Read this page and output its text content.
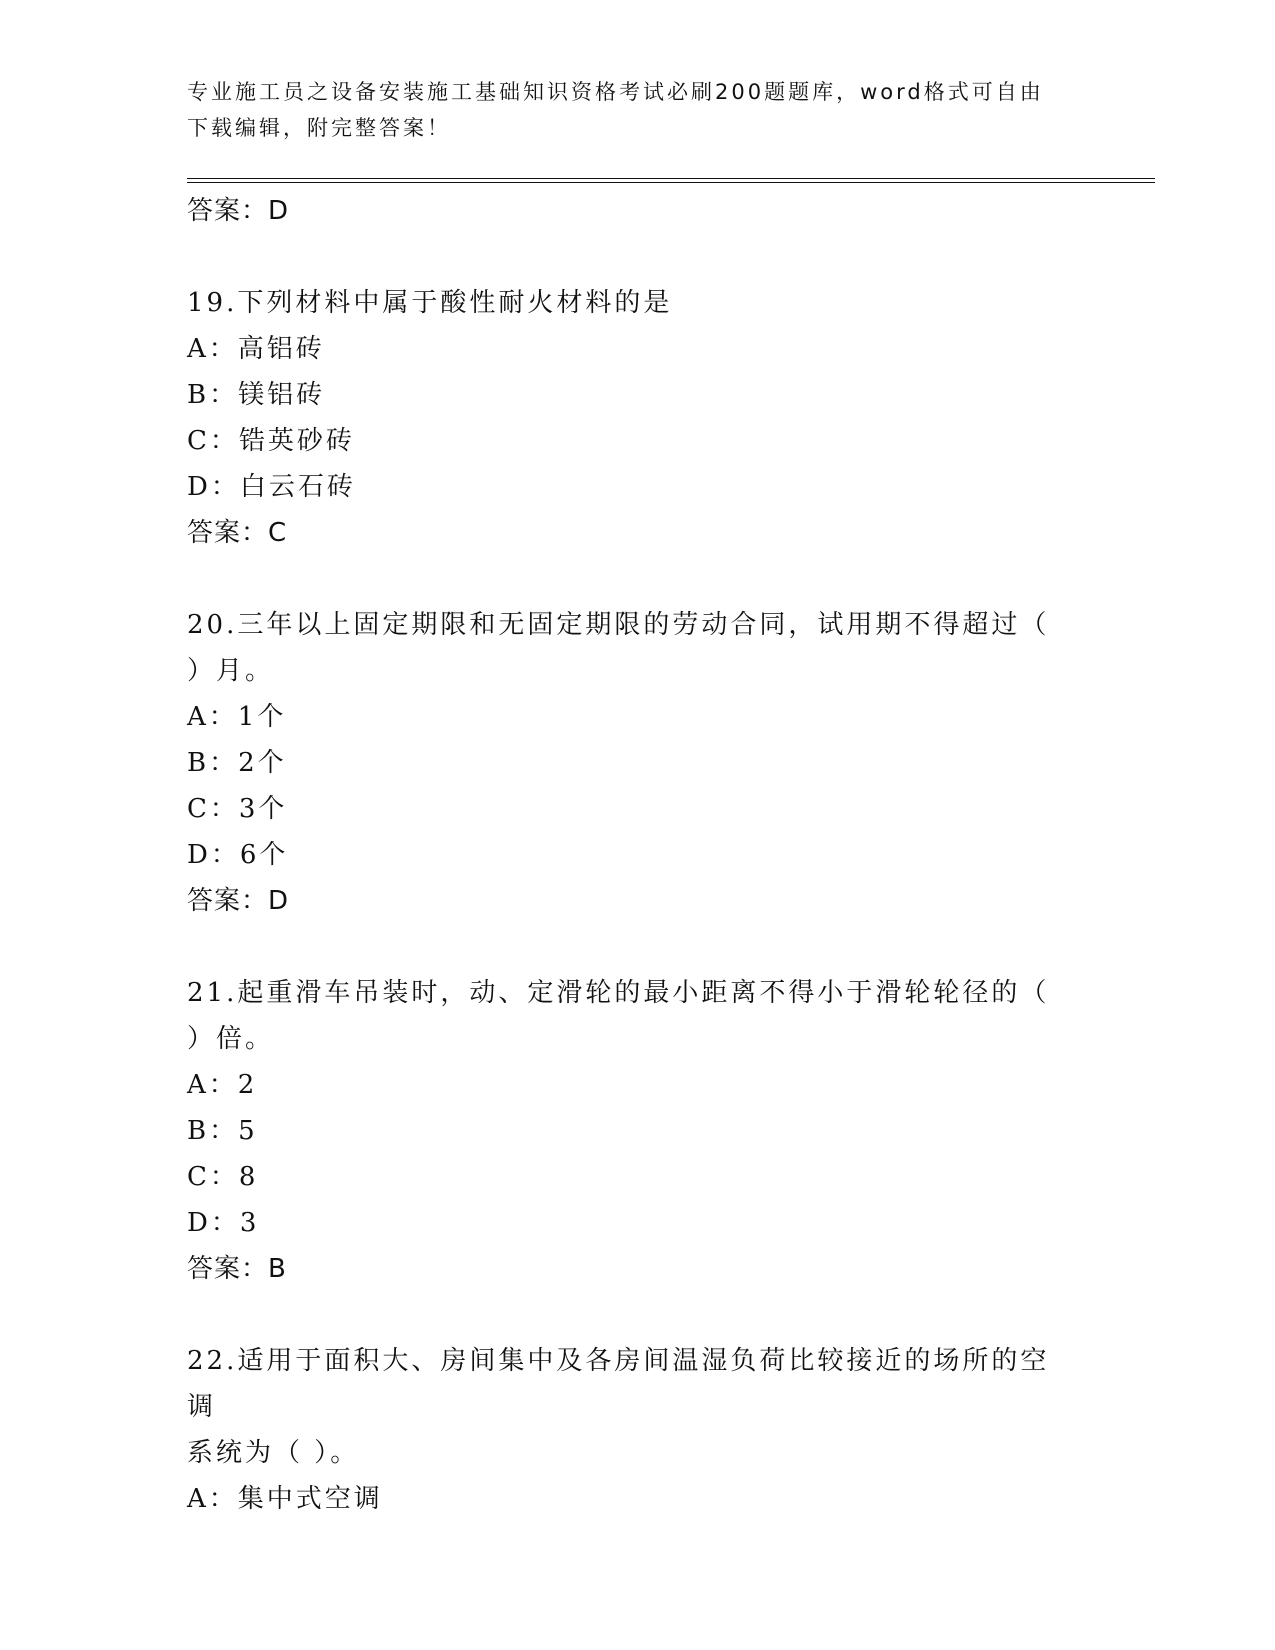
专业施工员之设备安装施工基础知识资格考试必刷200题题库，word格式可自由
下载编辑，附完整答案！
答案：D
19.下列材料中属于酸性耐火材料的是
A：高铝砖
B：镁铝砖
C：锆英砂砖
D：白云石砖
答案：C
20.三年以上固定期限和无固定期限的劳动合同，试用期不得超过（
）月。
A：1个
B：2个
C：3个
D：6个
答案：D
21.起重滑车吊装时，动、定滑轮的最小距离不得小于滑轮轮径的（
）倍。
A：2
B：5
C：8
D：3
答案：B
22.适用于面积大、房间集中及各房间温湿负荷比较接近的场所的空调
系统为（ ）。
A：集中式空调
